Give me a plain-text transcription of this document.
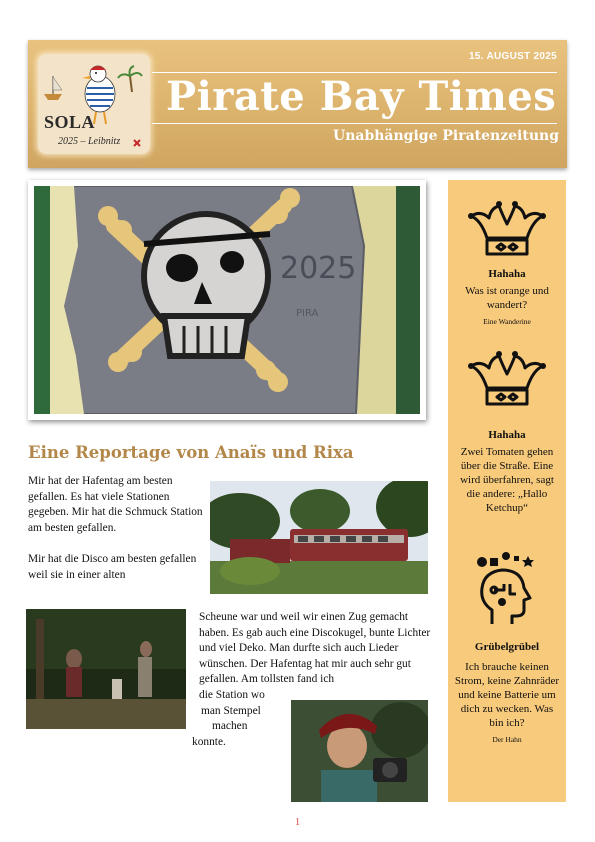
SOLA
2025 – Leibnitz
15. AUGUST 2025
Pirate Bay Times
Unabhängige Piratenzeitung
2025
PIRA
Eine Reportage von Anaïs und Rixa

Mir hat der Hafentag am besten gefallen. Es hat viele Stationen gegeben. Mir hat die Schmuck Station am besten gefallen.

Mir hat die Disco am besten gefallen weil sie in einer alten

Scheune war und weil wir einen Zug gemacht haben. Es gab auch eine Discokugel, bunte Lichter und viel Deko. Man durfte sich auch Lieder wünschen. Der Hafentag hat mir auch sehr gut gefallen. Am tollsten fand ich

die Station wo
man Stempel
machen
konnte.
Hahaha
Was ist orange und wandert?
Eine Wanderine
Hahaha
Zwei Tomaten gehen über die Straße. Eine wird überfahren, sagt die andere: „Hallo Ketchup“
Grübelgrübel
Ich brauche keinen Strom, keine Zahnräder und keine Batterie um dich zu wecken. Was bin ich?
Der Hahn
1
